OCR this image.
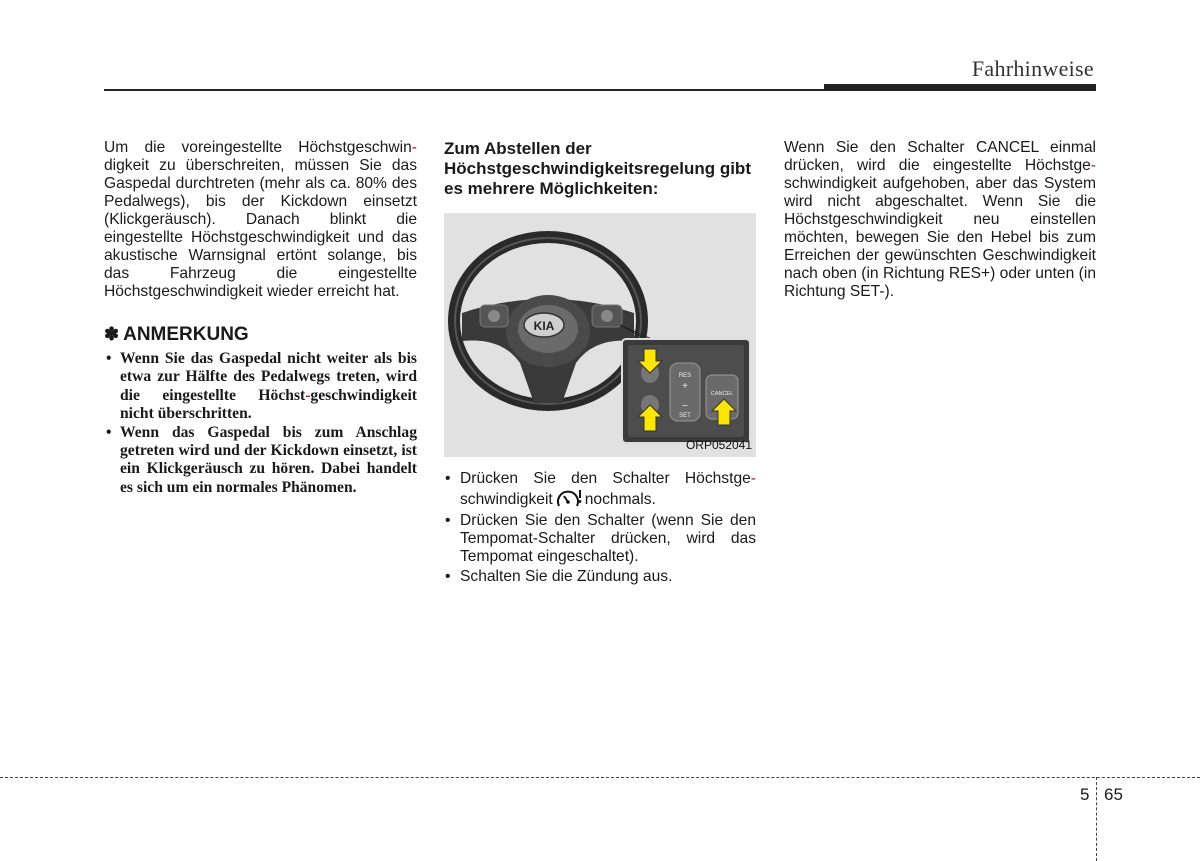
Fahrhinweise
Um die voreingestellte Höchstgeschwin-digkeit zu überschreiten, müssen Sie das Gaspedal durchtreten (mehr als ca. 80% des Pedalwegs), bis der Kickdown einsetzt (Klickgeräusch). Danach blinkt die eingestellte Höchstgeschwindigkeit und das akustische Warnsignal ertönt solange, bis das Fahrzeug die eingestellte Höchstgeschwindigkeit wieder erreicht hat.
✽ ANMERKUNG
• Wenn Sie das Gaspedal nicht weiter als bis etwa zur Hälfte des Pedalwegs treten, wird die eingestellte Höchst-geschwindigkeit nicht überschritten.
• Wenn das Gaspedal bis zum Anschlag getreten wird und der Kickdown einsetzt, ist ein Klickgeräusch zu hören. Dabei handelt es sich um ein normales Phänomen.
Zum Abstellen der Höchstgeschwindigkeitsregelung gibt es mehrere Möglichkeiten:
KIA
RES
+
−
SET
CANCEL
ORP052041
• Drücken Sie den Schalter Höchstge-schwindigkeit nochmals.
• Drücken Sie den Schalter (wenn Sie den Tempomat-Schalter drücken, wird das Tempomat eingeschaltet).
• Schalten Sie die Zündung aus.
Wenn Sie den Schalter CANCEL einmal drücken, wird die eingestellte Höchstge-schwindigkeit aufgehoben, aber das System wird nicht abgeschaltet. Wenn Sie die Höchstgeschwindigkeit neu einstellen möchten, bewegen Sie den Hebel bis zum Erreichen der gewünschten Geschwindigkeit nach oben (in Richtung RES+) oder unten (in Richtung SET-).
5 65
